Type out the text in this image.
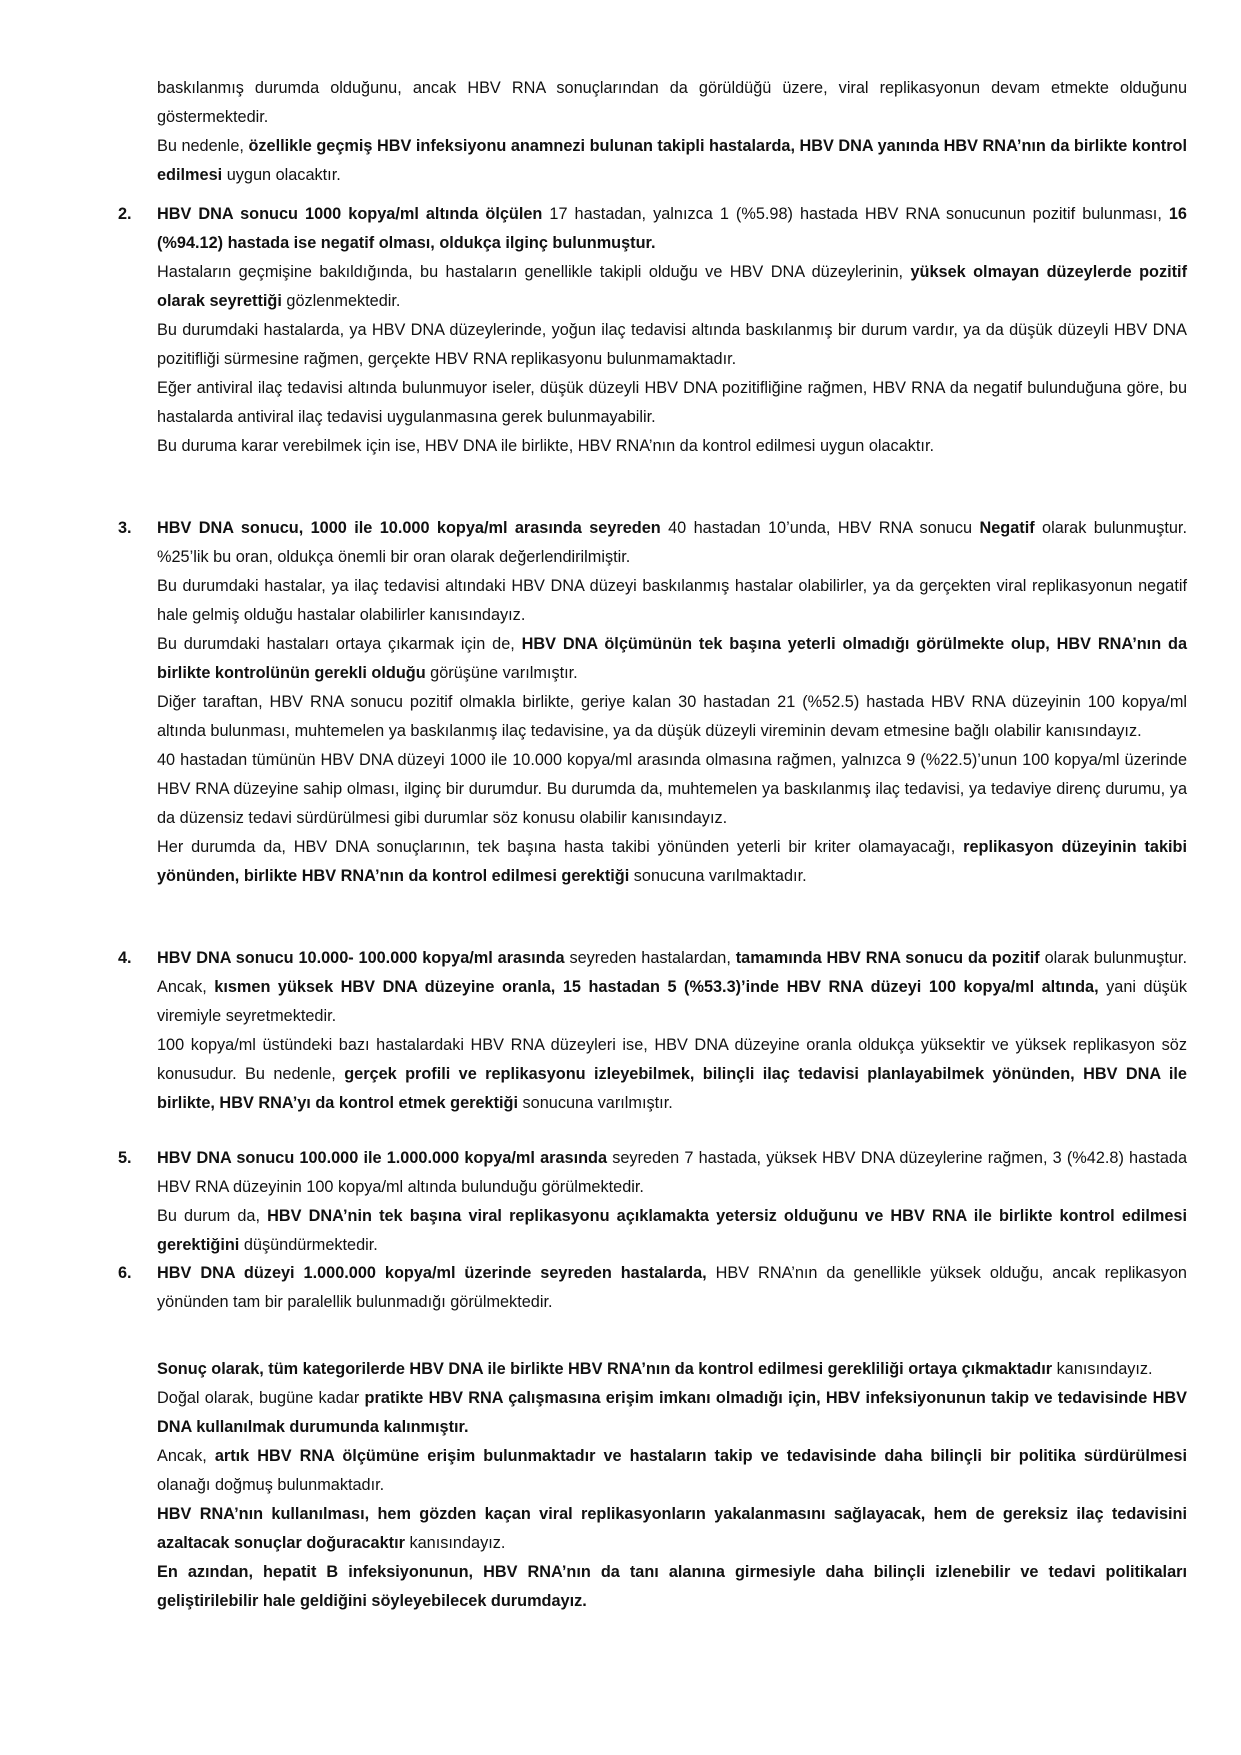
baskılanmış durumda olduğunu, ancak HBV RNA sonuçlarından da görüldüğü üzere, viral replikasyonun devam etmekte olduğunu göstermektedir.

Bu nedenle, özellikle geçmiş HBV infeksiyonu anamnezi bulunan takipli hastalarda, HBV DNA yanında HBV RNA’nın da birlikte kontrol edilmesi uygun olacaktır.

2. HBV DNA sonucu 1000 kopya/ml altında ölçülen 17 hastadan, yalnızca 1 (%5.98) hastada HBV RNA sonucunun pozitif bulunması, 16 (%94.12) hastada ise negatif olması, oldukça ilginç bulunmuştur.

Hastaların geçmişine bakıldığında, bu hastaların genellikle takipli olduğu ve HBV DNA düzeylerinin, yüksek olmayan düzeylerde pozitif olarak seyrettiği gözlenmektedir.

Bu durumdaki hastalarda, ya HBV DNA düzeylerinde, yoğun ilaç tedavisi altında baskılanmış bir durum vardır, ya da düşük düzeyli HBV DNA pozitifliği sürmesine rağmen, gerçekte HBV RNA replikasyonu bulunmamaktadır.

Eğer antiviral ilaç tedavisi altında bulunmuyor iseler, düşük düzeyli HBV DNA pozitifliğine rağmen, HBV RNA da negatif bulunduğuna göre, bu hastalarda antiviral ilaç tedavisi uygulanmasına gerek bulunmayabilir.

Bu duruma karar verebilmek için ise, HBV DNA ile birlikte, HBV RNA’nın da kontrol edilmesi uygun olacaktır.

3. HBV DNA sonucu, 1000 ile 10.000 kopya/ml arasında seyreden 40 hastadan 10’unda, HBV RNA sonucu Negatif olarak bulunmuştur. %25’lik bu oran, oldukça önemli bir oran olarak değerlendirilmiştir.

Bu durumdaki hastalar, ya ilaç tedavisi altındaki HBV DNA düzeyi baskılanmış hastalar olabilirler, ya da gerçekten viral replikasyonun negatif hale gelmiş olduğu hastalar olabilirler kanısındayız.

Bu durumdaki hastaları ortaya çıkarmak için de, HBV DNA ölçümünün tek başına yeterli olmadığı görülmekte olup, HBV RNA’nın da birlikte kontrolünün gerekli olduğu görüşüne varılmıştır.

Diğer taraftan, HBV RNA sonucu pozitif olmakla birlikte, geriye kalan 30 hastadan 21 (%52.5) hastada HBV RNA düzeyinin 100 kopya/ml altında bulunması, muhtemelen ya baskılanmış ilaç tedavisine, ya da düşük düzeyli vireminin devam etmesine bağlı olabilir kanısındayız.

40 hastadan tümünün HBV DNA düzeyi 1000 ile 10.000 kopya/ml arasında olmasına rağmen, yalnızca 9 (%22.5)’unun 100 kopya/ml üzerinde HBV RNA düzeyine sahip olması, ilginç bir durumdur. Bu durumda da, muhtemelen ya baskılanmış ilaç tedavisi, ya tedaviye direnç durumu, ya da düzensiz tedavi sürdürülmesi gibi durumlar söz konusu olabilir kanısındayız.

Her durumda da, HBV DNA sonuçlarının, tek başına hasta takibi yönünden yeterli bir kriter olamayacağı, replikasyon düzeyinin takibi yönünden, birlikte HBV RNA’nın da kontrol edilmesi gerektiği sonucuna varılmaktadır.

4. HBV DNA sonucu 10.000- 100.000 kopya/ml arasında seyreden hastalardan, tamamında HBV RNA sonucu da pozitif olarak bulunmuştur. Ancak, kısmen yüksek HBV DNA düzeyine oranla, 15 hastadan 5 (%53.3)’inde HBV RNA düzeyi 100 kopya/ml altında, yani düşük viremiyle seyretmektedir.

100 kopya/ml üstündeki bazı hastalardaki HBV RNA düzeyleri ise, HBV DNA düzeyine oranla oldukça yüksektir ve yüksek replikasyon söz konusudur. Bu nedenle, gerçek profili ve replikasyonu izleyebilmek, bilinçli ilaç tedavisi planlayabilmek yönünden, HBV DNA ile birlikte, HBV RNA’yı da kontrol etmek gerektiği sonucuna varılmıştır.

5. HBV DNA sonucu 100.000 ile 1.000.000 kopya/ml arasında seyreden 7 hastada, yüksek HBV DNA düzeylerine rağmen, 3 (%42.8) hastada HBV RNA düzeyinin 100 kopya/ml altında bulunduğu görülmektedir.

Bu durum da, HBV DNA’nin tek başına viral replikasyonu açıklamakta yetersiz olduğunu ve HBV RNA ile birlikte kontrol edilmesi gerektiğini düşündürmektedir.

6. HBV DNA düzeyi 1.000.000 kopya/ml üzerinde seyreden hastalarda, HBV RNA’nın da genellikle yüksek olduğu, ancak replikasyon yönünden tam bir paralellik bulunmadığı görülmektedir.

Sonuç olarak, tüm kategorilerde HBV DNA ile birlikte HBV RNA’nın da kontrol edilmesi gerekliliği ortaya çıkmaktadır kanısındayız.

Doğal olarak, bugüne kadar pratikte HBV RNA çalışmasına erişim imkanı olmadığı için, HBV infeksiyonunun takip ve tedavisinde HBV DNA kullanılmak durumunda kalınmıştır.

Ancak, artık HBV RNA ölçümüne erişim bulunmaktadır ve hastaların takip ve tedavisinde daha bilinçli bir politika sürdürülmesi olanağı doğmuş bulunmaktadır.

HBV RNA’nın kullanılması, hem gözden kaçan viral replikasyonların yakalanmasını sağlayacak, hem de gereksiz ilaç tedavisini azaltacak sonuçlar doğuracaktır kanısındayız.

En azından, hepatit B infeksiyonunun, HBV RNA’nın da tanı alanına girmesiyle daha bilinçli izlenebilir ve tedavi politikaları geliştirilebilir hale geldiğini söyleyebilecek durumdayız.
